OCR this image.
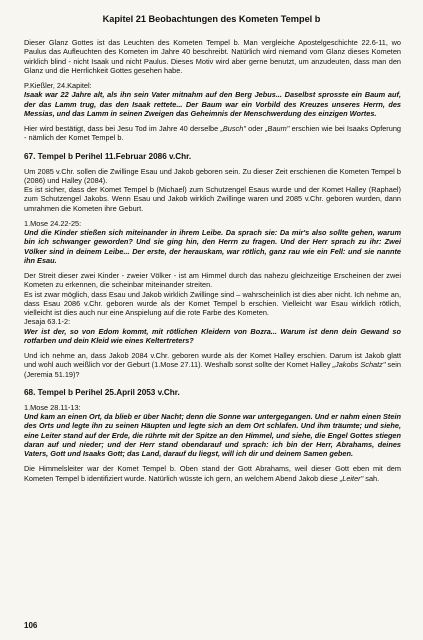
Kapitel 21 Beobachtungen des Kometen Tempel b

Dieser Glanz Gottes ist das Leuchten des Kometen Tempel b. Man vergleiche Apostelgeschichte 22.6-11, wo Paulus das Aufleuchten des Kometen im Jahre 40 beschreibt. Natürlich wird niemand vom Glanz dieses Kometen wirklich blind - nicht Isaak und nicht Paulus. Dieses Motiv wird aber gerne benutzt, um anzudeuten, dass man den Glanz und die Herrlichkeit Gottes gesehen habe.

P.Kießler, 24.Kapitel:

Isaak war 22 Jahre alt, als ihn sein Vater mitnahm auf den Berg Jebus... Daselbst sprosste ein Baum auf, der das Lamm trug, das den Isaak rettete... Der Baum war ein Vorbild des Kreuzes unseres Herrn, des Messias, und das Lamm in seinen Zweigen das Geheimnis der Menschwerdung des einzigen Wortes.

Hier wird bestätigt, dass bei Jesu Tod im Jahre 40 derselbe „Busch" oder „Baum" erschien wie bei Isaaks Opferung - nämlich der Komet Tempel b.

67. Tempel b Perihel 11.Februar 2086 v.Chr.

Um 2085 v.Chr. sollen die Zwillinge Esau und Jakob geboren sein. Zu dieser Zeit erschienen die Kometen Tempel b (2086) und Halley (2084).

Es ist sicher, dass der Komet Tempel b (Michael) zum Schutzengel Esaus wurde und der Komet Halley (Raphael) zum Schutzengel Jakobs. Wenn Esau und Jakob wirklich Zwillinge waren und 2085 v.Chr. geboren wurden, dann umrahmen die Kometen ihre Geburt.

1.Mose 24.22-25:

Und die Kinder stießen sich miteinander in ihrem Leibe. Da sprach sie: Da mir's also sollte gehen, warum bin ich schwanger geworden? Und sie ging hin, den Herrn zu fragen. Und der Herr sprach zu ihr: Zwei Völker sind in deinem Leibe... Der erste, der herauskam, war rötlich, ganz rau wie ein Fell: und sie nannte ihn Esau.

Der Streit dieser zwei Kinder - zweier Völker - ist am Himmel durch das nahezu gleichzeitige Erscheinen der zwei Kometen zu erkennen, die scheinbar miteinander streiten.

Es ist zwar möglich, dass Esau und Jakob wirklich Zwillinge sind – wahrscheinlich ist dies aber nicht. Ich nehme an, dass Esau 2086 v.Chr. geboren wurde als der Komet Tempel b erschien. Vielleicht war Esau wirklich rötlich, vielleicht ist dies auch nur eine Anspielung auf die rote Farbe des Kometen.

Jesaja 63.1-2:

Wer ist der, so von Edom kommt, mit rötlichen Kleidern von Bozra... Warum ist denn dein Gewand so rotfarben und dein Kleid wie eines Keltertreters?

Und ich nehme an, dass Jakob 2084 v.Chr. geboren wurde als der Komet Halley erschien. Darum ist Jakob glatt und wohl auch weißlich vor der Geburt (1.Mose 27.11). Weshalb sonst sollte der Komet Halley „Jakobs Schatz" sein (Jeremia 51.19)?

68. Tempel b Perihel 25.April 2053 v.Chr.

1.Mose 28.11-13:

Und kam an einen Ort, da blieb er über Nacht; denn die Sonne war untergegangen. Und er nahm einen Stein des Orts und legte ihn zu seinen Häupten und legte sich an dem Ort schlafen. Und ihm träumte; und siehe, eine Leiter stand auf der Erde, die rührte mit der Spitze an den Himmel, und siehe, die Engel Gottes stiegen daran auf und nieder; und der Herr stand obendarauf und sprach: ich bin der Herr, Abrahams, deines Vaters, Gott und Isaaks Gott; das Land, darauf du liegst, will ich dir und deinem Samen geben.

Die Himmelsleiter war der Komet Tempel b. Oben stand der Gott Abrahams, weil dieser Gott eben mit dem Kometen Tempel b identifiziert wurde. Natürlich wüsste ich gern, an welchem Abend Jakob diese „Leiter" sah.

106
